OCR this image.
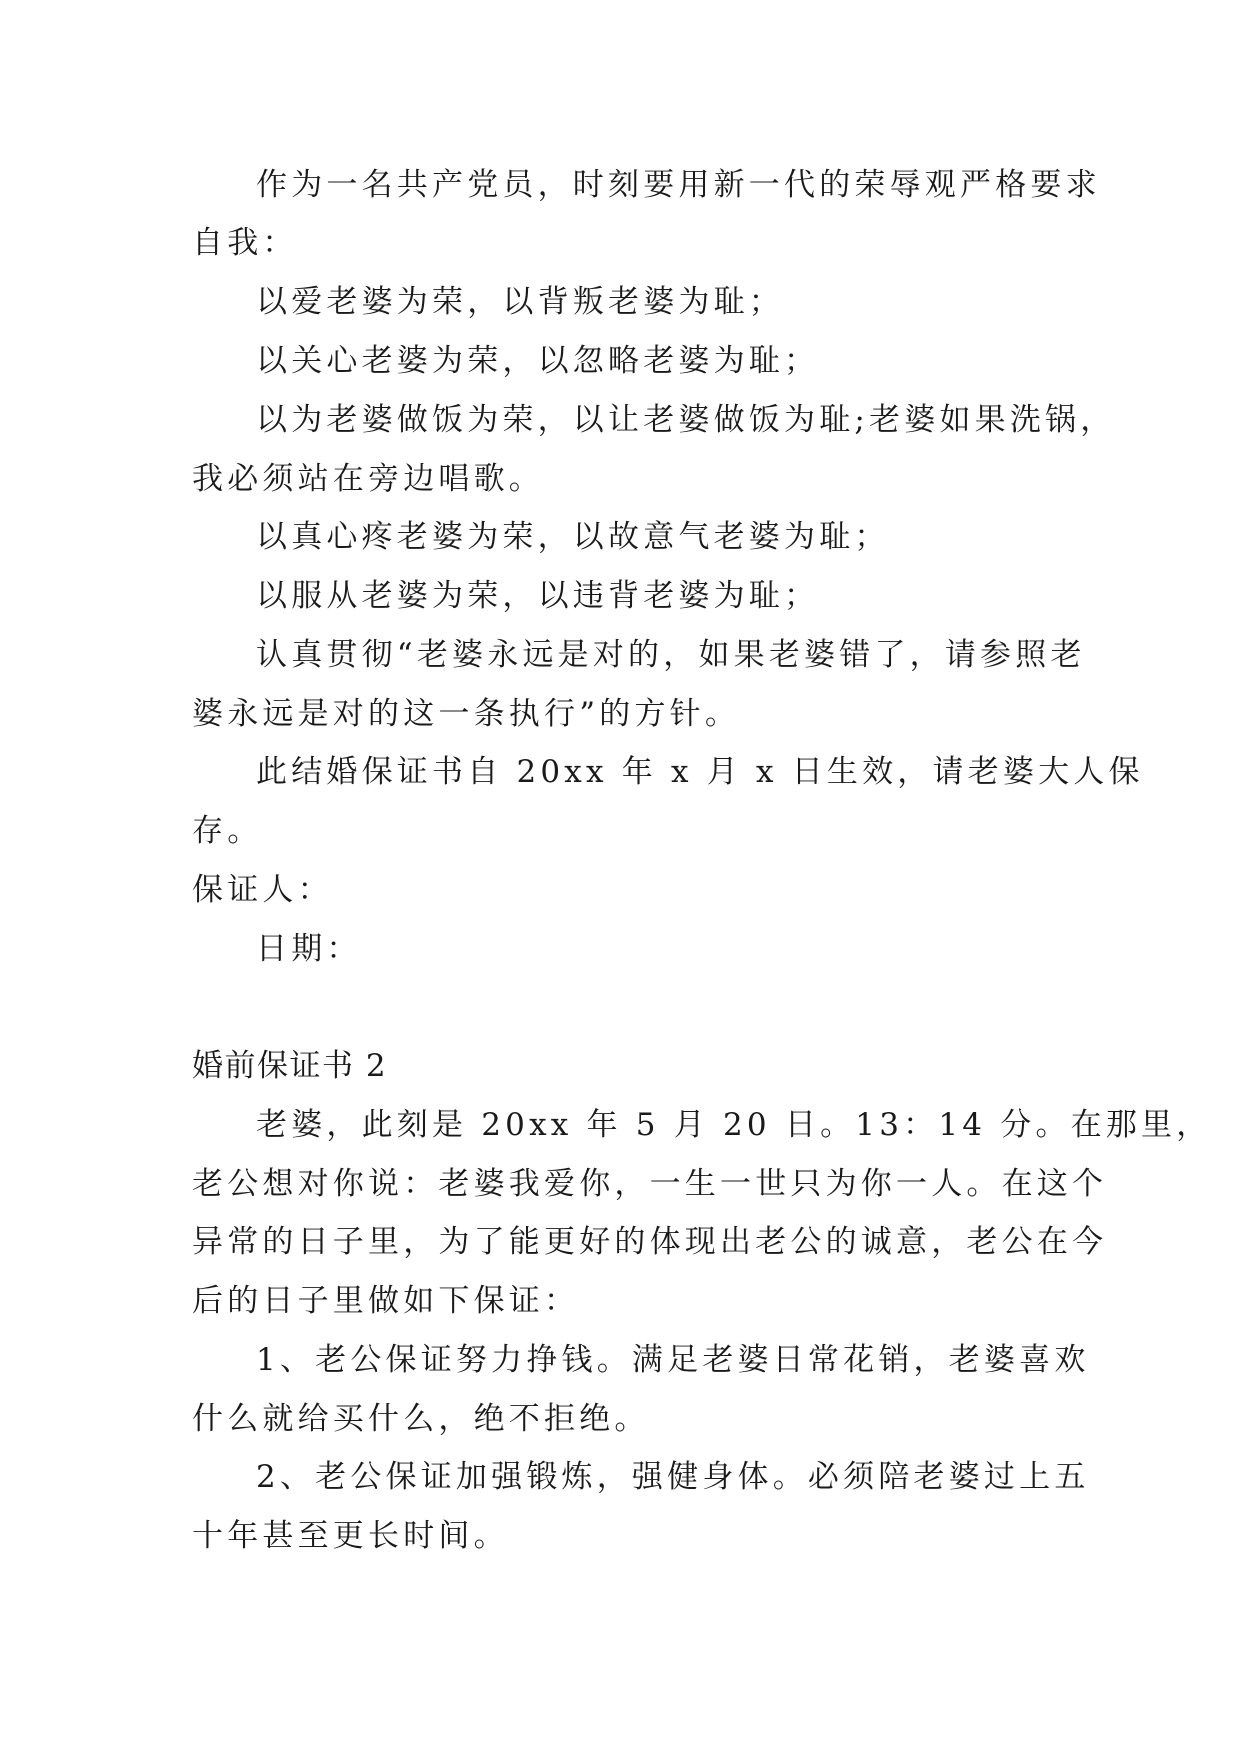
作为一名共产党员，时刻要用新一代的荣辱观严格要求
自我：
以爱老婆为荣，以背叛老婆为耻；
以关心老婆为荣，以忽略老婆为耻；
以为老婆做饭为荣，以让老婆做饭为耻;老婆如果洗锅，
我必须站在旁边唱歌。
以真心疼老婆为荣，以故意气老婆为耻；
以服从老婆为荣，以违背老婆为耻；
认真贯彻“老婆永远是对的，如果老婆错了，请参照老
婆永远是对的这一条执行”的方针。
此结婚保证书自 20xx 年 x 月 x 日生效，请老婆大人保
存。
保证人：
日期：
婚前保证书 2
老婆，此刻是 20xx 年 5 月 20 日。13：14 分。在那里，
老公想对你说：老婆我爱你，一生一世只为你一人。在这个
异常的日子里，为了能更好的体现出老公的诚意，老公在今
后的日子里做如下保证：
1、老公保证努力挣钱。满足老婆日常花销，老婆喜欢
什么就给买什么，绝不拒绝。
2、老公保证加强锻炼，强健身体。必须陪老婆过上五
十年甚至更长时间。
